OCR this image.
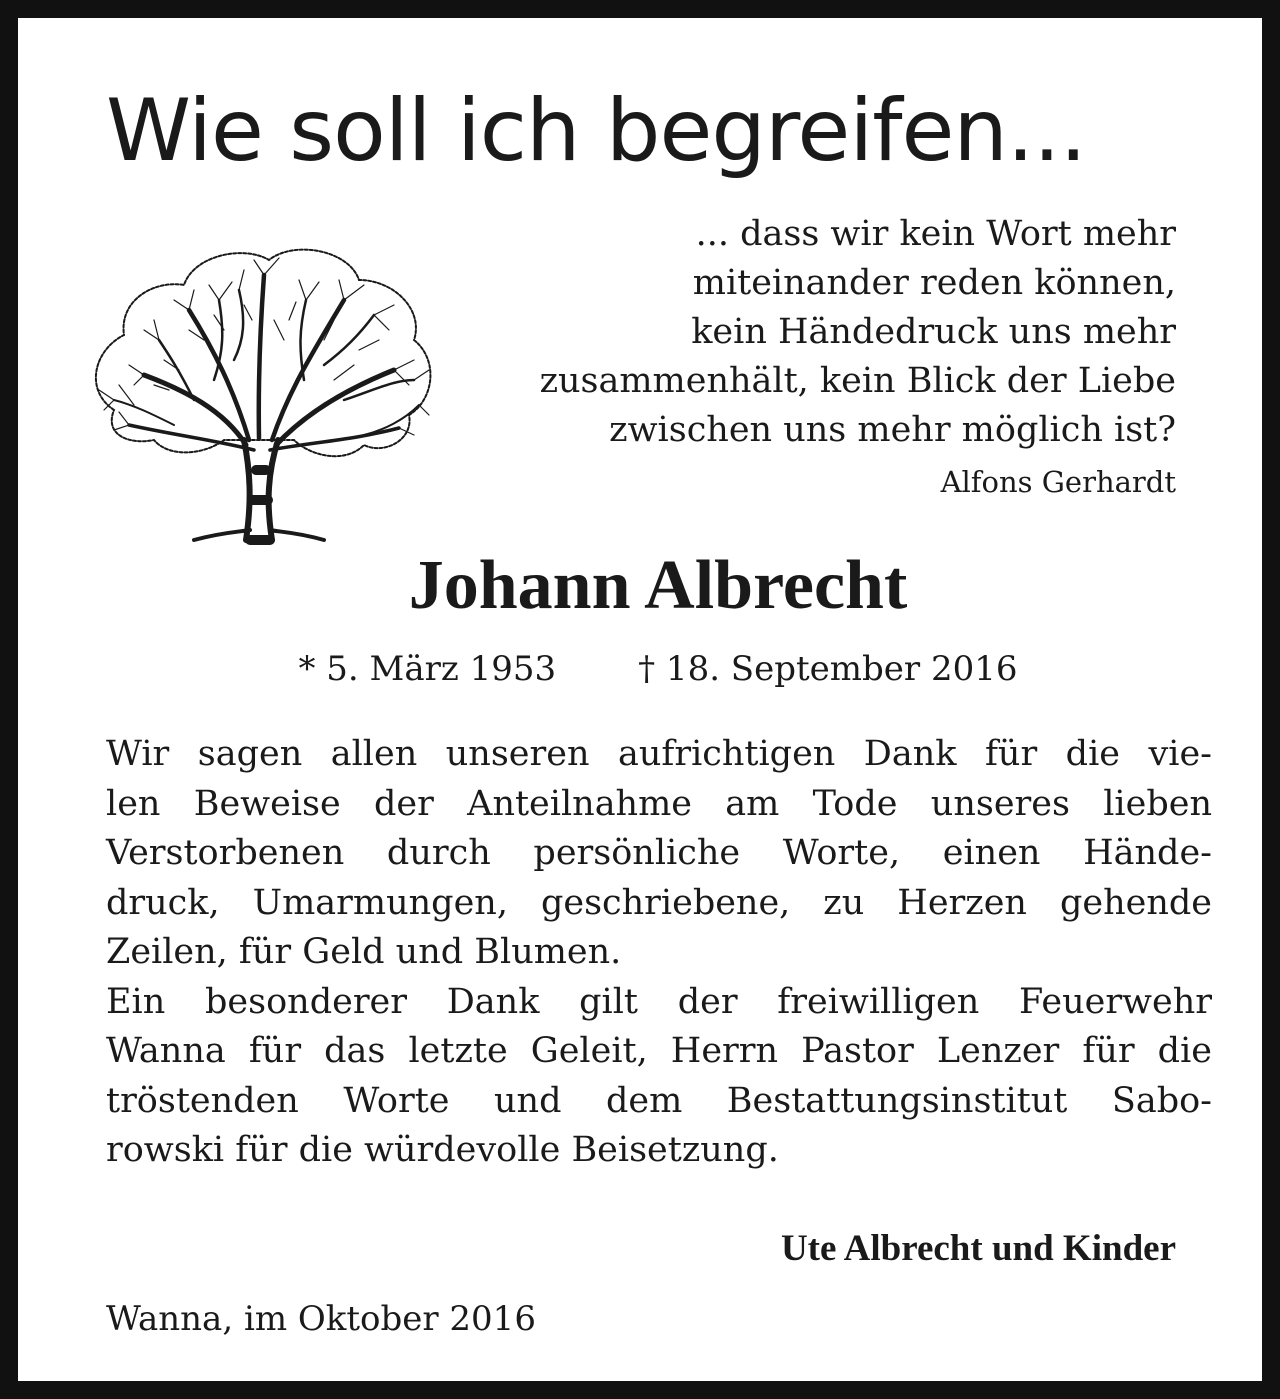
Wie soll ich begreifen...
... dass wir kein Wort mehr
miteinander reden können,
kein Händedruck uns mehr
zusammenhält, kein Blick der Liebe
zwischen uns mehr möglich ist?
Alfons Gerhardt
Johann Albrecht
* 5. März 1953 † 18. September 2016
Wir sagen allen unseren aufrichtigen Dank für die vie-
len Beweise der Anteilnahme am Tode unseres lieben
Verstorbenen durch persönliche Worte, einen Hände-
druck, Umarmungen, geschriebene, zu Herzen gehende
Zeilen, für Geld und Blumen.
Ein besonderer Dank gilt der freiwilligen Feuerwehr
Wanna für das letzte Geleit, Herrn Pastor Lenzer für die
tröstenden Worte und dem Bestattungsinstitut Sabo-
rowski für die würdevolle Beisetzung.
Ute Albrecht und Kinder
Wanna, im Oktober 2016
